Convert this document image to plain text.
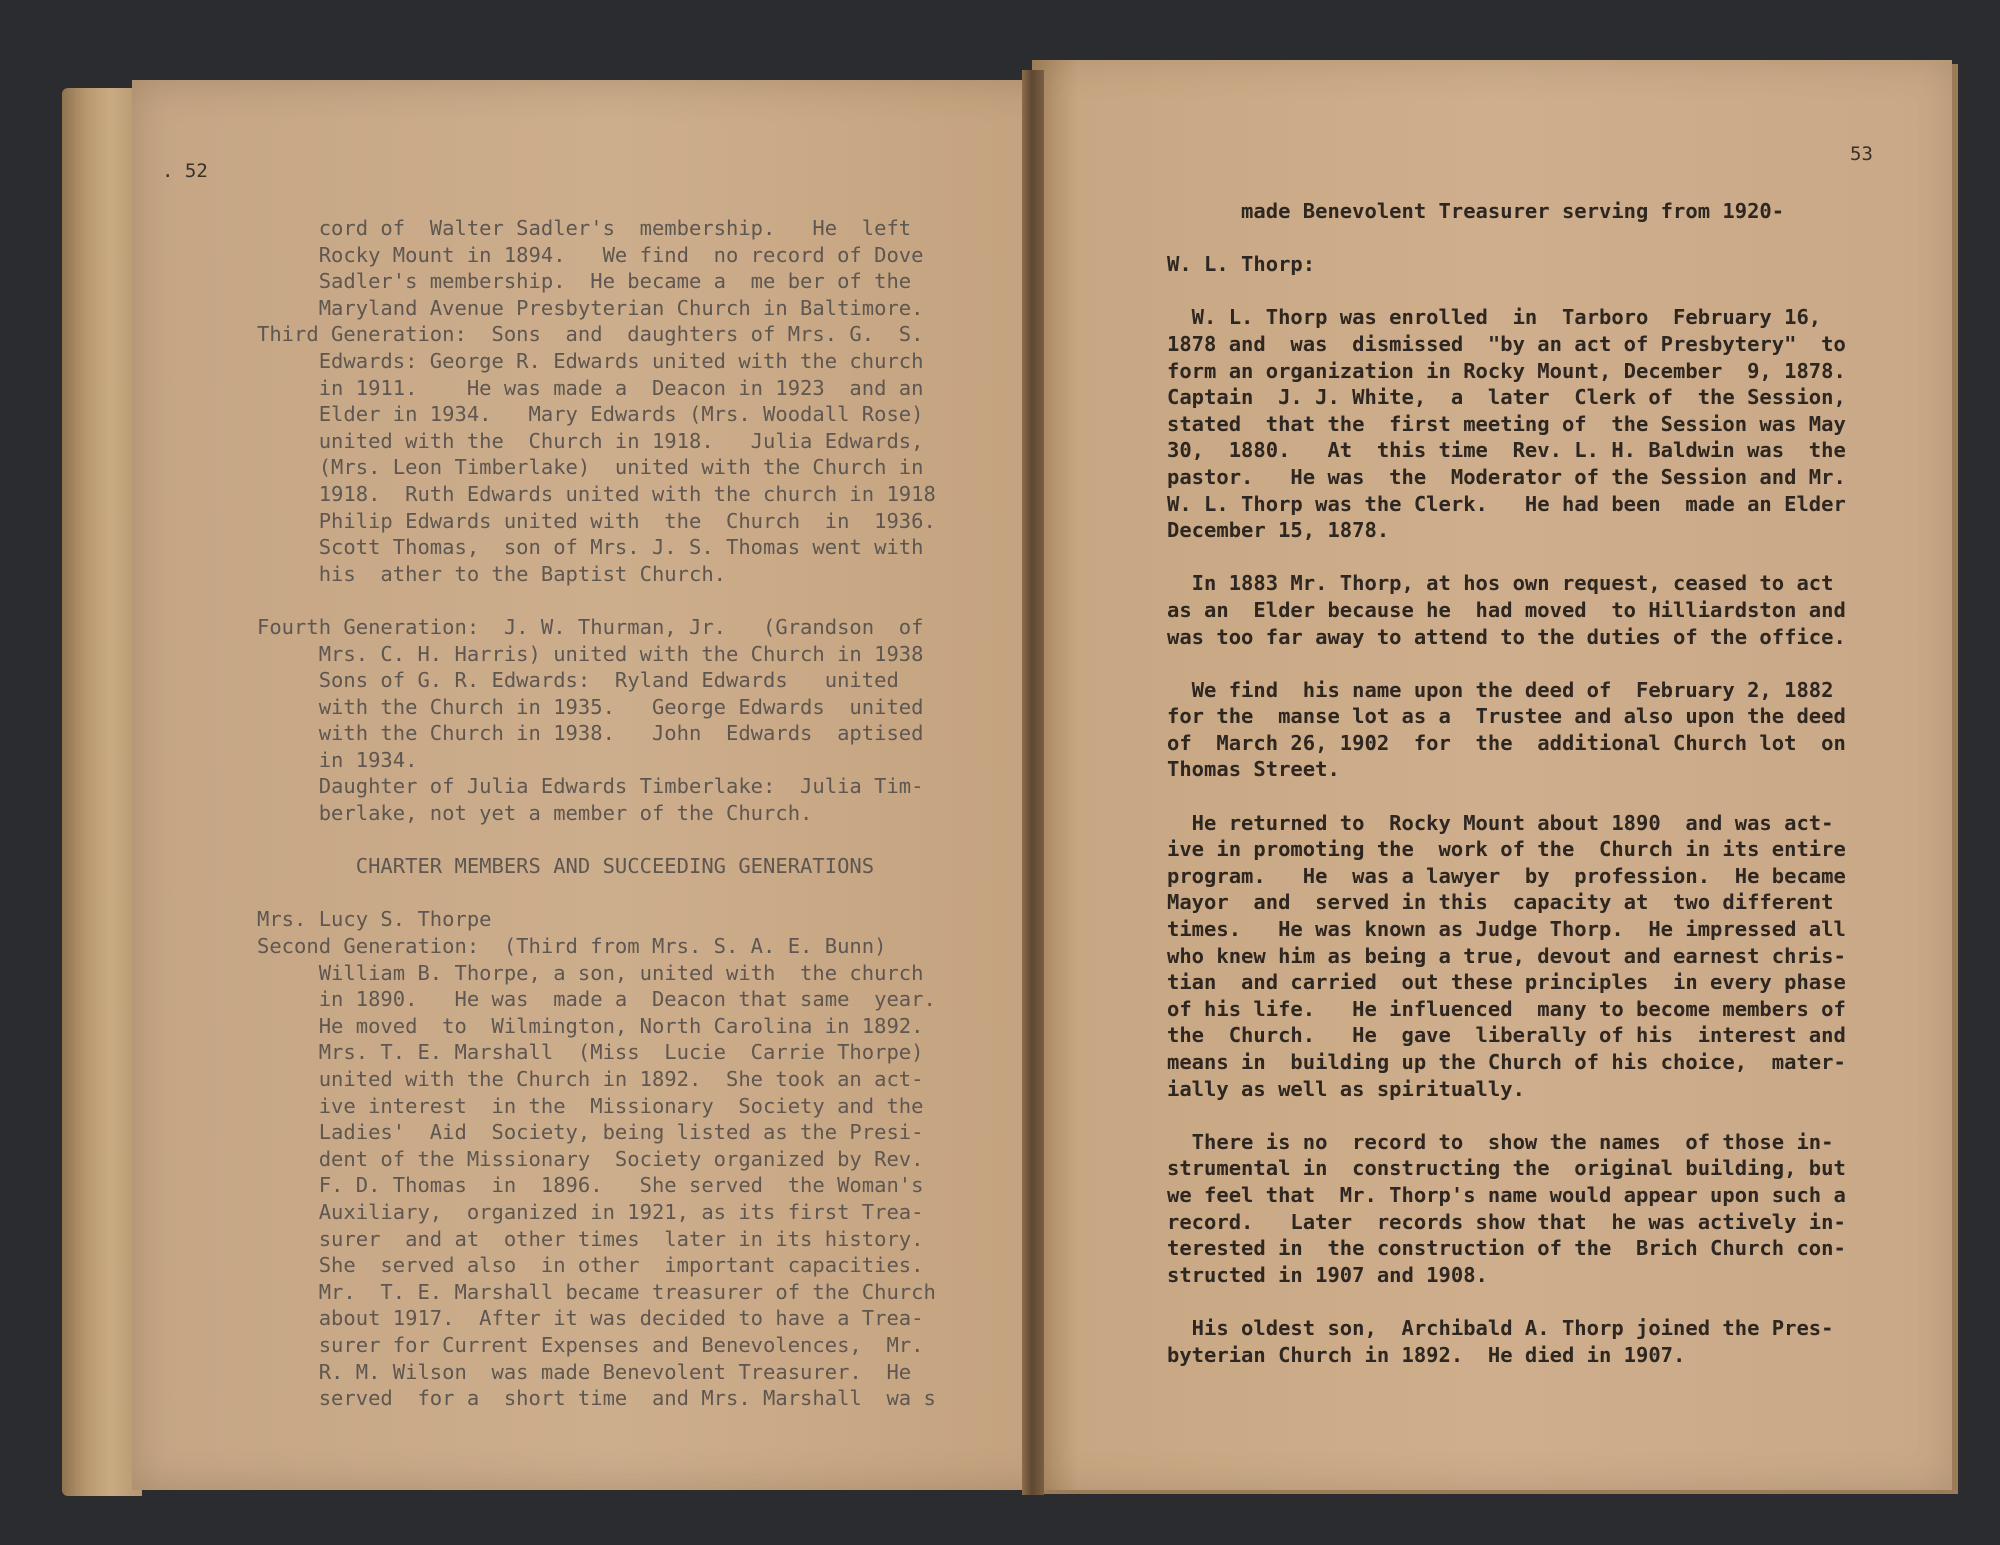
. 52
cord of  Walter Sadler's  membership.   He  left
Rocky Mount in 1894.   We find  no record of Dove
Sadler's membership.  He became a  me ber of the
Maryland Avenue Presbyterian Church in Baltimore.
Third Generation:  Sons  and  daughters of Mrs. G.  S.
Edwards: George R. Edwards united with the church
in 1911.    He was made a  Deacon in 1923  and an
Elder in 1934.   Mary Edwards (Mrs. Woodall Rose)
united with the  Church in 1918.   Julia Edwards,
(Mrs. Leon Timberlake)  united with the Church in
1918.  Ruth Edwards united with the church in 1918
Philip Edwards united with  the  Church  in  1936.
Scott Thomas,  son of Mrs. J. S. Thomas went with
his  ather to the Baptist Church.
Fourth Generation:  J. W. Thurman, Jr.   (Grandson  of
Mrs. C. H. Harris) united with the Church in 1938
Sons of G. R. Edwards:  Ryland Edwards   united
with the Church in 1935.   George Edwards  united
with the Church in 1938.   John  Edwards  aptised
in 1934.
Daughter of Julia Edwards Timberlake:  Julia Tim-
berlake, not yet a member of the Church.
CHARTER MEMBERS AND SUCCEEDING GENERATIONS
Mrs. Lucy S. Thorpe
Second Generation:  (Third from Mrs. S. A. E. Bunn)
William B. Thorpe, a son, united with  the church
in 1890.   He was  made a  Deacon that same  year.
He moved  to  Wilmington, North Carolina in 1892.
Mrs. T. E. Marshall  (Miss  Lucie  Carrie Thorpe)
united with the Church in 1892.  She took an act-
ive interest  in the  Missionary  Society and the
Ladies'  Aid  Society, being listed as the Presi-
dent of the Missionary  Society organized by Rev.
F. D. Thomas  in  1896.   She served  the Woman's
Auxiliary,  organized in 1921, as its first Trea-
surer  and at  other times  later in its history.
She  served also  in other  important capacities.
Mr.  T. E. Marshall became treasurer of the Church
about 1917.  After it was decided to have a Trea-
surer for Current Expenses and Benevolences,  Mr.
R. M. Wilson  was made Benevolent Treasurer.  He
served  for a  short time  and Mrs. Marshall  wa s
53
made Benevolent Treasurer serving from 1920-
W. L. Thorp:
W. L. Thorp was enrolled  in  Tarboro  February 16,
1878 and  was  dismissed  "by an act of Presbytery"  to
form an organization in Rocky Mount, December  9, 1878.
Captain  J. J. White,  a  later  Clerk of  the Session,
stated  that the  first meeting of  the Session was May
30,  1880.   At  this time  Rev. L. H. Baldwin was  the
pastor.   He was  the  Moderator of the Session and Mr.
W. L. Thorp was the Clerk.   He had been  made an Elder
December 15, 1878.
In 1883 Mr. Thorp, at hos own request, ceased to act
as an  Elder because he  had moved  to Hilliardston and
was too far away to attend to the duties of the office.
We find  his name upon the deed of  February 2, 1882
for the  manse lot as a  Trustee and also upon the deed
of  March 26, 1902  for  the  additional Church lot  on
Thomas Street.
He returned to  Rocky Mount about 1890  and was act-
ive in promoting the  work of the  Church in its entire
program.   He  was a lawyer  by  profession.  He became
Mayor  and  served in this  capacity at  two different
times.   He was known as Judge Thorp.  He impressed all
who knew him as being a true, devout and earnest chris-
tian  and carried  out these principles  in every phase
of his life.   He influenced  many to become members of
the  Church.   He  gave  liberally of his  interest and
means in  building up the Church of his choice,  mater-
ially as well as spiritually.
There is no  record to  show the names  of those in-
strumental in  constructing the  original building, but
we feel that  Mr. Thorp's name would appear upon such a
record.   Later  records show that  he was actively in-
terested in  the construction of the  Brich Church con-
structed in 1907 and 1908.
His oldest son,  Archibald A. Thorp joined the Pres-
byterian Church in 1892.  He died in 1907.
